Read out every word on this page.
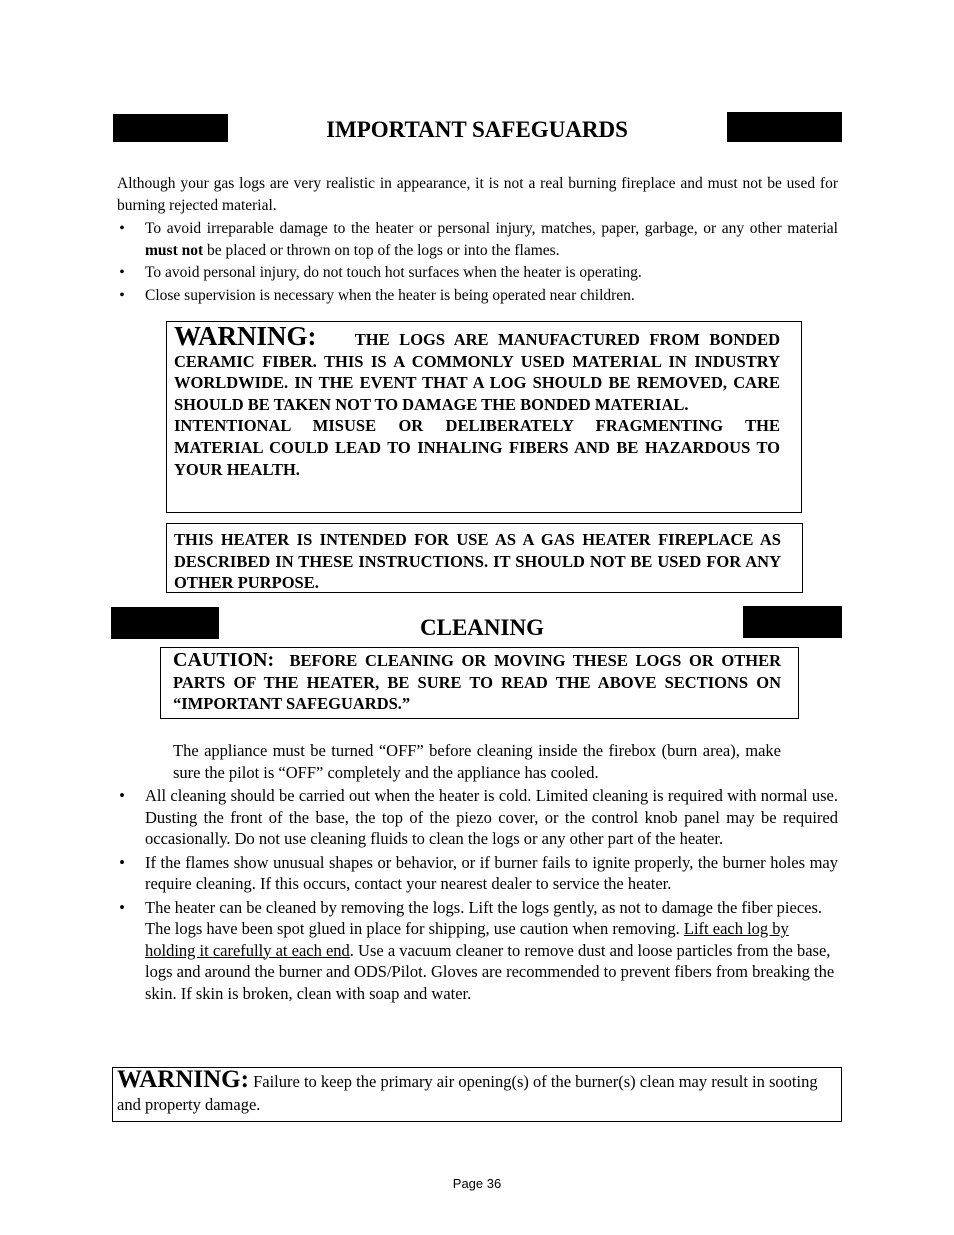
IMPORTANT SAFEGUARDS
Although your gas logs are very realistic in appearance, it is not a real burning fireplace and must not be used for burning rejected material.
• To avoid irreparable damage to the heater or personal injury, matches, paper, garbage, or any other material must not be placed or thrown on top of the logs or into the flames.
• To avoid personal injury, do not touch hot surfaces when the heater is operating.
• Close supervision is necessary when the heater is being operated near children.
WARNING: THE LOGS ARE MANUFACTURED FROM BONDED CERAMIC FIBER. THIS IS A COMMONLY USED MATERIAL IN INDUSTRY WORLDWIDE. IN THE EVENT THAT A LOG SHOULD BE REMOVED, CARE SHOULD BE TAKEN NOT TO DAMAGE THE BONDED MATERIAL.
INTENTIONAL MISUSE OR DELIBERATELY FRAGMENTING THE MATERIAL COULD LEAD TO INHALING FIBERS AND BE HAZARDOUS TO YOUR HEALTH.
THIS HEATER IS INTENDED FOR USE AS A GAS HEATER FIREPLACE AS DESCRIBED IN THESE INSTRUCTIONS. IT SHOULD NOT BE USED FOR ANY OTHER PURPOSE.
CLEANING
CAUTION: BEFORE CLEANING OR MOVING THESE LOGS OR OTHER PARTS OF THE HEATER, BE SURE TO READ THE ABOVE SECTIONS ON “IMPORTANT SAFEGUARDS.”
The appliance must be turned “OFF” before cleaning inside the firebox (burn area), make sure the pilot is “OFF” completely and the appliance has cooled.
• All cleaning should be carried out when the heater is cold. Limited cleaning is required with normal use. Dusting the front of the base, the top of the piezo cover, or the control knob panel may be required occasionally. Do not use cleaning fluids to clean the logs or any other part of the heater.
• If the flames show unusual shapes or behavior, or if burner fails to ignite properly, the burner holes may require cleaning. If this occurs, contact your nearest dealer to service the heater.
• The heater can be cleaned by removing the logs. Lift the logs gently, as not to damage the fiber pieces. The logs have been spot glued in place for shipping, use caution when removing. Lift each log by holding it carefully at each end. Use a vacuum cleaner to remove dust and loose particles from the base, logs and around the burner and ODS/Pilot. Gloves are recommended to prevent fibers from breaking the skin. If skin is broken, clean with soap and water.
WARNING: Failure to keep the primary air opening(s) of the burner(s) clean may result in sooting and property damage.
Page 36
